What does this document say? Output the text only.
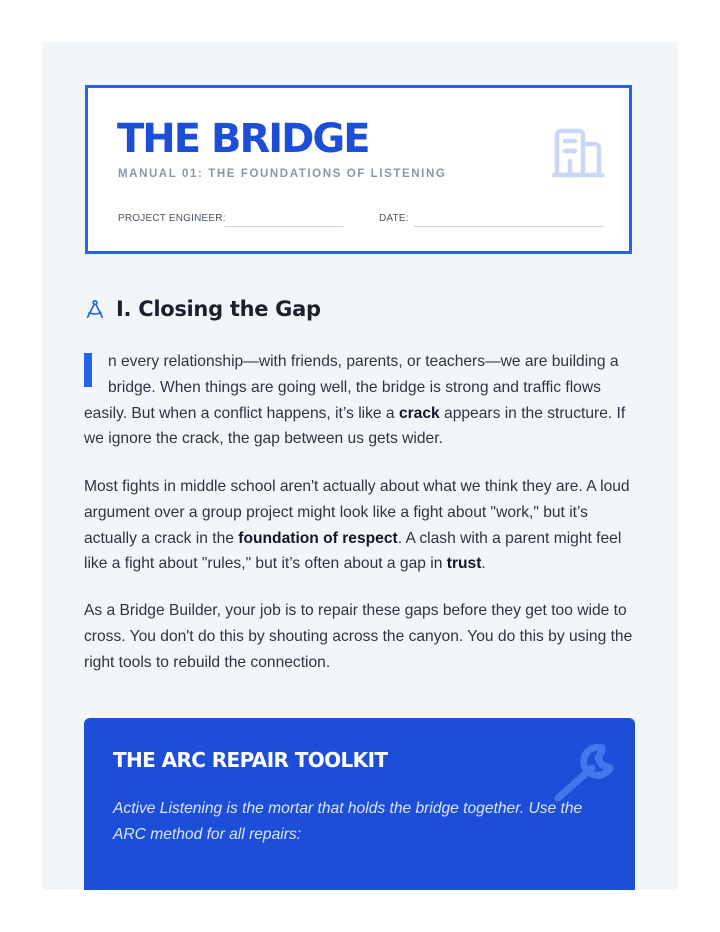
THE BRIDGE
MANUAL 01: THE FOUNDATIONS OF LISTENING
PROJECT ENGINEER:	DATE:
I. Closing the Gap

n every relationship—with friends, parents, or teachers—we are building a bridge. When things are going well, the bridge is strong and traffic flows easily. But when a conflict happens, it’s like a crack appears in the structure. If we ignore the crack, the gap between us gets wider.

Most fights in middle school aren't actually about what we think they are. A loud argument over a group project might look like a fight about "work," but it’s actually a crack in the foundation of respect. A clash with a parent might feel like a fight about "rules," but it’s often about a gap in trust.

As a Bridge Builder, your job is to repair these gaps before they get too wide to cross. You don't do this by shouting across the canyon. You do this by using the right tools to rebuild the connection.

THE ARC REPAIR TOOLKIT

Active Listening is the mortar that holds the bridge together. Use the ARC method for all repairs:
